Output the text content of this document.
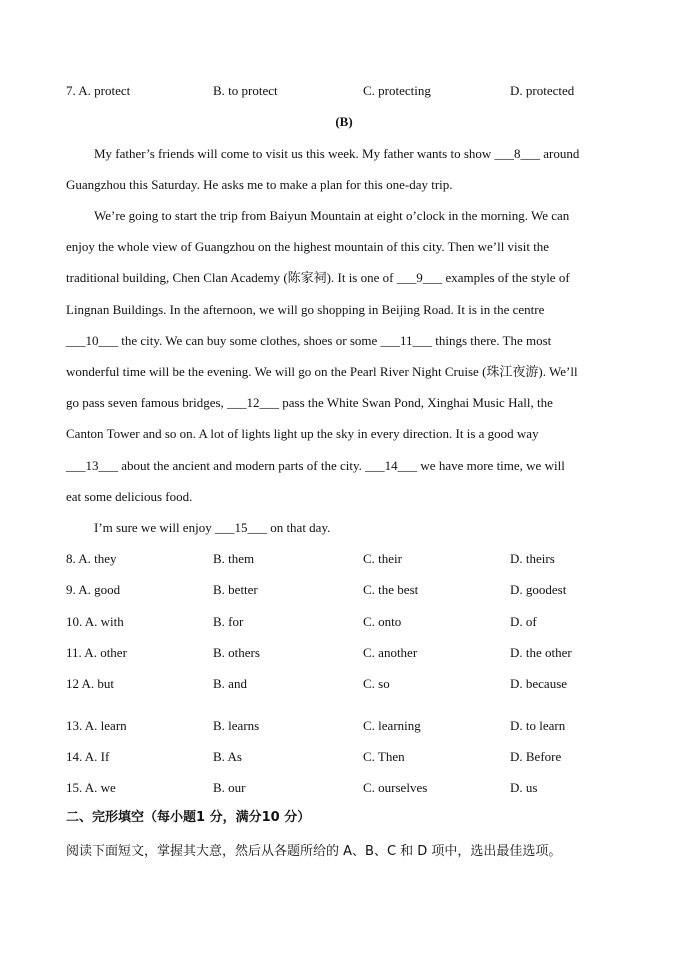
7. A. protect	B. to protect	C. protecting	D. protected
(B)
My father’s friends will come to visit us this week. My father wants to show ___8___ around
Guangzhou this Saturday. He asks me to make a plan for this one-day trip.
We’re going to start the trip from Baiyun Mountain at eight o’clock in the morning. We can
enjoy the whole view of Guangzhou on the highest mountain of this city. Then we’ll visit the
traditional building, Chen Clan Academy (陈家祠). It is one of ___9___ examples of the style of
Lingnan Buildings. In the afternoon, we will go shopping in Beijing Road. It is in the centre
___10___ the city. We can buy some clothes, shoes or some ___11___ things there. The most
wonderful time will be the evening. We will go on the Pearl River Night Cruise (珠江夜游). We’ll
go pass seven famous bridges, ___12___ pass the White Swan Pond, Xinghai Music Hall, the
Canton Tower and so on. A lot of lights light up the sky in every direction. It is a good way
___13___ about the ancient and modern parts of the city. ___14___ we have more time, we will
eat some delicious food.
I’m sure we will enjoy ___15___ on that day.
8. A. they	B. them	C. their	D. theirs
9. A. good	B. better	C. the best	D. goodest
10. A. with	B. for	C. onto	D. of
11. A. other	B. others	C. another	D. the other
12 A. but	B. and	C. so	D. because
13. A. learn	B. learns	C. learning	D. to learn
14. A. If	B. As	C. Then	D. Before
15. A. we	B. our	C. ourselves	D. us
二、完形填空（每小题1 分，满分10 分）
阅读下面短文，掌握其大意，然后从各题所给的 A、B、C 和 D 项中，选出最佳选项。
